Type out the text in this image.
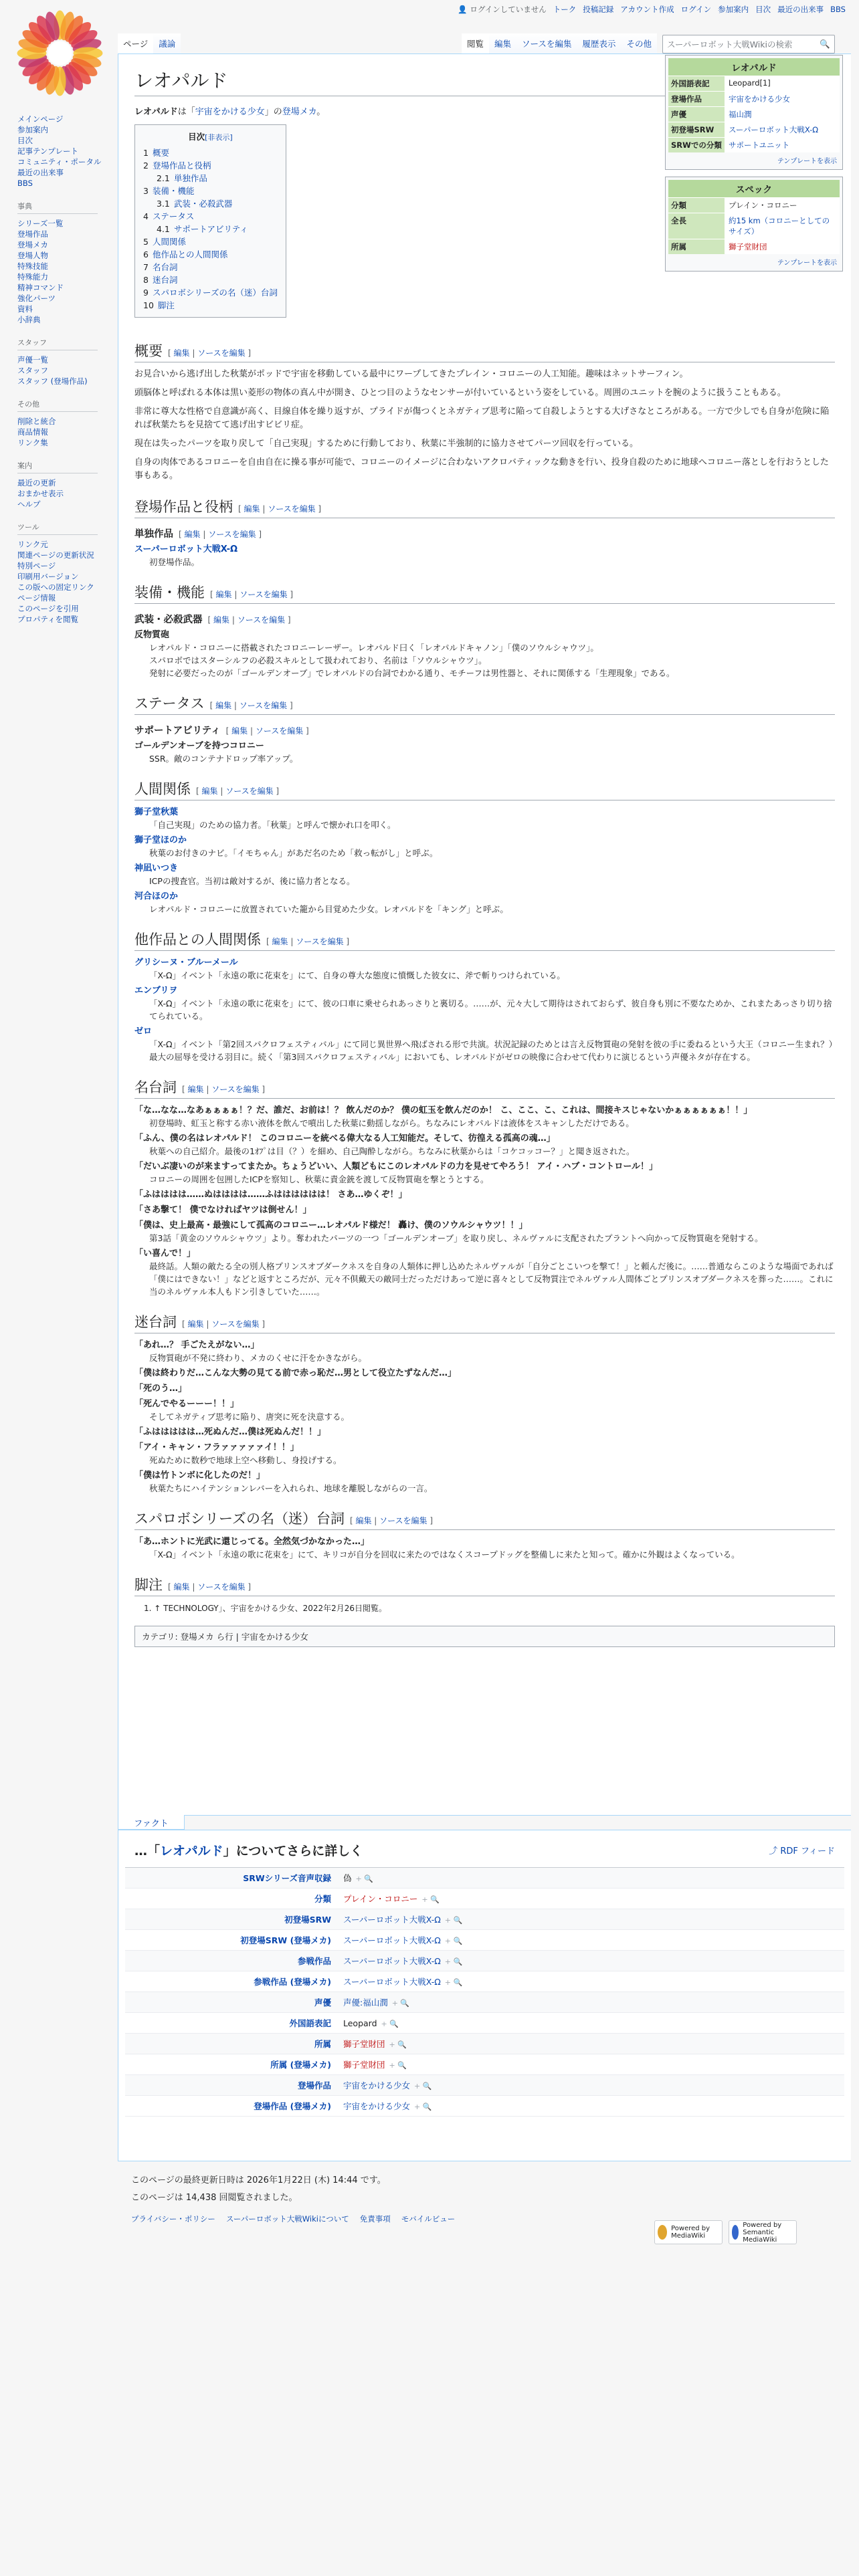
👤 ログインしていません トーク 投稿記録 アカウント作成 ログイン 参加案内 目次 最近の出来事 BBS
メインページ
参加案内
目次
記事テンプレート
コミュニティ・ポータル
最近の出来事
BBS
事典
シリーズ一覧
登場作品
登場メカ
登場人物
特殊技能
特殊能力
精神コマンド
強化パーツ
資料
小辞典
スタッフ
声優一覧
スタッフ
スタッフ (登場作品)
その他
削除と統合
商品情報
リンク集
案内
最近の更新
おまかせ表示
ヘルプ
ツール
リンク元
関連ページの更新状況
特別ページ
印刷用バージョン
この版への固定リンク
ページ情報
このページを引用
プロパティを閲覧
ページ	議論	閲覧	編集	ソースを編集	履歴表示	その他	スーパーロボット大戦Wikiの検索	🔍
レオパルド

レオパルドは「宇宙をかける少女」の登場メカ。

目次[非表示]
1 概要
2 登場作品と役柄
2.1 単独作品
3 装備・機能
3.1 武装・必殺武器
4 ステータス
4.1 サポートアビリティ
5 人間関係
6 他作品との人間関係
7 名台詞
8 迷台詞
9 スパロボシリーズの名（迷）台詞
10 脚注
概要 [ 編集 | ソースを編集 ]

お見合いから逃げ出した秋葉がポッドで宇宙を移動している最中にワープしてきたプレイン・コロニーの人工知能。趣味はネットサーフィン。

頭脳体と呼ばれる本体は黒い菱形の物体の真ん中が開き、ひとつ目のようなセンサーが付いているという姿をしている。周囲のユニットを腕のように扱うこともある。

非常に尊大な性格で自意識が高く、目線自体を繰り返すが、プライドが傷つくとネガティブ思考に陥って自殺しようとする大げさなところがある。一方で少しでも自身が危険に陥れば秋葉たちを見捨てて逃げ出すビビリ症。

現在は失ったパーツを取り戻して「自己実現」するために行動しており、秋葉に半強制的に協力させてパーツ回収を行っている。

自身の肉体であるコロニーを自由自在に操る事が可能で、コロニーのイメージに合わないアクロバティックな動きを行い、投身自殺のために地球へコロニー落としを行おうとした事もある。

登場作品と役柄 [ 編集 | ソースを編集 ]
単独作品 [ 編集 | ソースを編集 ]
スーパーロボット大戦X-Ω
初登場作品。
装備・機能 [ 編集 | ソースを編集 ]
武装・必殺武器 [ 編集 | ソースを編集 ]
反物質砲
レオパルド・コロニーに搭載されたコロニーレーザー。レオパルド曰く「レオパルドキャノン」「僕のソウルシャウツ」。
スパロボではスターシルフの必殺スキルとして扱われており、名前は「ソウルシャウツ」。
発射に必要だったのが「ゴールデンオーブ」でレオパルドの台詞でわかる通り、モチーフは男性器と、それに関係する「生理現象」である。
ステータス [ 編集 | ソースを編集 ]
サポートアビリティ [ 編集 | ソースを編集 ]
ゴールデンオーブを持つコロニー
SSR。敵のコンテナドロップ率アップ。
人間関係 [ 編集 | ソースを編集 ]
獅子堂秋葉
「自己実現」のための協力者。「秋葉」と呼んで懐かれ口を叩く。
獅子堂ほのか
秋葉のお付きのナビ。「イモちゃん」があだ名のため「救っ転がし」と呼ぶ。
神凪いつき
ICPの捜査官。当初は敵対するが、後に協力者となる。
河合ほのか
レオパルド・コロニーに放置されていた籠から目覚めた少女。レオパルドを「キング」と呼ぶ。
他作品との人間関係 [ 編集 | ソースを編集 ]
グリシーヌ・ブルーメール
「X-Ω」イベント「永遠の歌に花束を」にて、自身の尊大な態度に憤慨した彼女に、斧で斬りつけられている。
エンブリヲ
「X-Ω」イベント「永遠の歌に花束を」にて、彼の口車に乗せられあっさりと裏切る。……が、元々大して期待はされておらず、彼自身も別に不要なためか、これまたあっさり切り捨てられている。
ゼロ
「X-Ω」イベント「第2回スパクロフェスティバル」にて同じ異世界へ飛ばされる形で共演。状況記録のためとは言え反物質砲の発射を彼の手に委ねるという大王（コロニー生まれ？）最大の屈辱を受ける羽目に。続く「第3回スパクロフェスティバル」においても、レオパルドがゼロの映像に合わせて代わりに演じるという声優ネタが存在する。
名台詞 [ 編集 | ソースを編集 ]
「な…なな…なあぁぁぁぁ！？だ、誰だ、お前は！？ 飲んだのか？ 僕の虹玉を飲んだのか！ こ、ここ、こ、これは、間接キスじゃないかぁぁぁぁぁぁ！！」
初登場時、虹玉と称する赤い液体を飲んで噴出した秋葉に動揺しながら。ちなみにレオパルドは液体をスキャンしただけである。
「ふん、僕の名はレオパルド！ このコロニーを統べる偉大なる人工知能だ。そして、彷徨える孤高の魂…」
秋葉への自己紹介。最後の1ｵﾌﾟは目（？）を細め、自己陶酔しながら。ちなみに秋葉からは「コケコッコー？」と聞き返された。
「だいぶ凄いのが来ますってまたか。ちょうどいい、人類どもにこのレオパルドの力を見せてやろう！ アイ・ハブ・コントロール！」
コロニーの周囲を包囲したICPを察知し、秋葉に責金銃を渡して反物質砲を撃とうとする。
「ふはははは……ぬはははは……ふはははははは！ さあ…ゆくぞ！」
「さあ撃て！ 僕でなければヤツは倒せん！」
「僕は、史上最高・最強にして孤高のコロニー…レオパルド様だ！ 轟け、僕のソウルシャウツ！！」
第3話「黄金のソウルシャウツ」より。奪われたパーツの一つ「ゴールデンオーブ」を取り戻し、ネルヴァルに支配されたプラントへ向かって反物質砲を発射する。
「い喜んで！」
最終話。人類の敵たる全の別人格プリンスオブダークネスを自身の人類体に押し込めたネルヴァルが「自分ごとこいつを撃て！」と頼んだ後に。……普通ならこのような場面であれば「僕にはできない！」などと返すところだが、元々不倶戴天の敵同士だっただけあって逆に喜々として反物質注でネルヴァル人間体ごとプリンスオブダークネスを葬った……。これに当のネルヴァル本人もドン引きしていた……。
迷台詞 [ 編集 | ソースを編集 ]
「あれ…？ 手ごたえがない…」
反物質砲が不発に終わり、メカのくせに汗をかきながら。
「僕は終わりだ…こんな大勢の見てる前で赤っ恥だ…男として役立たずなんだ…」
「死のう…」
「死んでやるーーー！！」
そしてネガティブ思考に陥り、唐突に死を決意する。
「ふははははは…死ぬんだ…僕は死ぬんだ！！」
「アイ・キャン・フラァァァァァイ！！」
死ぬために数秒で地球上空へ移動し、身投げする。
「僕は竹トンボに化したのだ！」
秋葉たちにハイテンションレバーを入れられ、地球を離脱しながらの一言。
スパロボシリーズの名（迷）台詞 [ 編集 | ソースを編集 ]
「あ…ホントに光武に還じってる。全然気づかなかった…」
「X-Ω」イベント「永遠の歌に花束を」にて、キリコが自分を回収に来たのではなくスコープドッグを整備しに来たと知って。確かに外観はよくなっている。
脚注 [ 編集 | ソースを編集 ]

1. ↑ TECHNOLOGY」、宇宙をかける少女、2022年2月26日閲覧。

カテゴリ: 登場メカ ら行 | 宇宙をかける少女
レオパルド
外国語表記	Leopard[1]
登場作品	宇宙をかける少女
声優	福山潤
初登場SRW	スーパーロボット大戦X-Ω
SRWでの分類 サポートユニット
テンプレートを表示
スペック
分類	プレイン・コロニー
全長	約15 km（コロニーとしてのサイズ）
所属	獅子堂財団
テンプレートを表示
ファクト
…「レオパルド」についてさらに詳しく	⤴ RDF フィード
SRWシリーズ音声収録	偽 + 🔍
分類	プレイン・コロニー + 🔍
初登場SRW	スーパーロボット大戦X-Ω + 🔍
初登場SRW (登場メカ)	スーパーロボット大戦X-Ω + 🔍
参戦作品	スーパーロボット大戦X-Ω + 🔍
参戦作品 (登場メカ)	スーパーロボット大戦X-Ω + 🔍
声優	声優:福山潤 + 🔍
外国語表記	Leopard + 🔍
所属	獅子堂財団 + 🔍
所属 (登場メカ)	獅子堂財団 + 🔍
登場作品	宇宙をかける少女 + 🔍
登場作品 (登場メカ)	宇宙をかける少女 + 🔍

このページの最終更新日時は 2026年1月22日 (木) 14:44 です。

このページは 14,438 回閲覧されました。

プライバシー・ポリシー スーパーロボット大戦Wikiについて 免責事項 モバイルビュー
Powered by MediaWiki
Powered by Semantic MediaWiki
